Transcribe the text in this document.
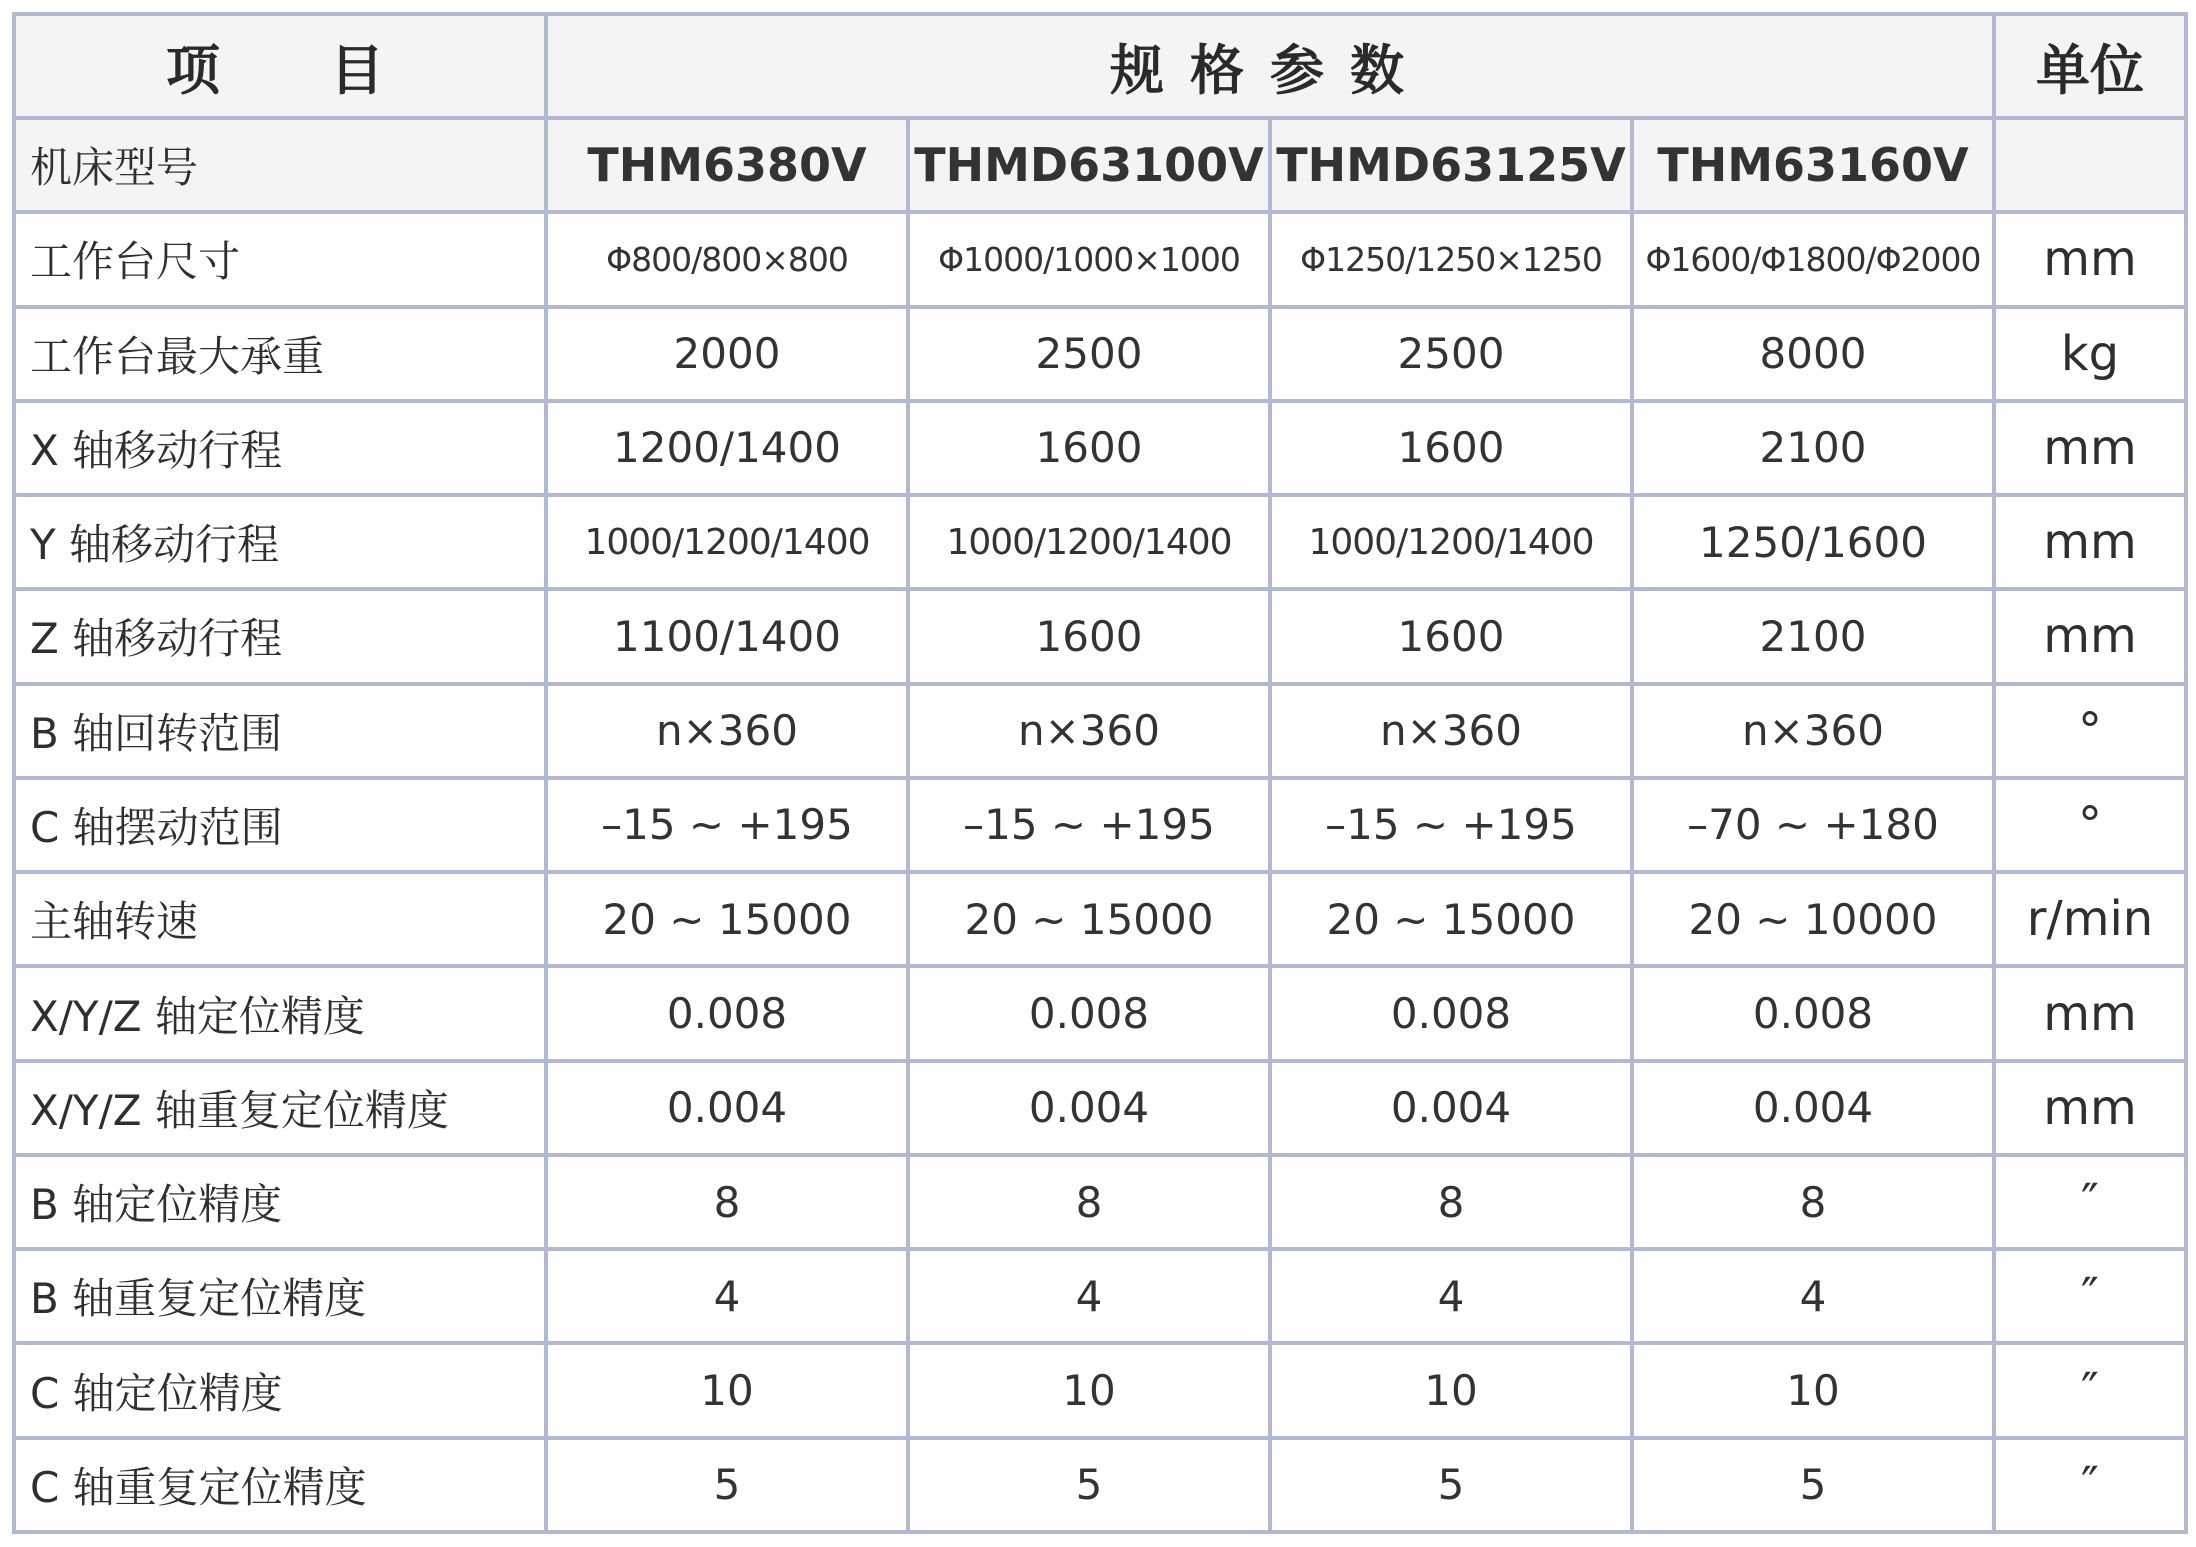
项目	规格参数				单位
机床型号	THM6380V	THMD63100V	THMD63125V	THM63160V	
工作台尺寸	Φ800/800×800	Φ1000/1000×1000	Φ1250/1250×1250	Φ1600/Φ1800/Φ2000	mm
工作台最大承重	2000	2500	2500	8000	kg
X 轴移动行程	1200/1400	1600	1600	2100	mm
Y 轴移动行程	1000/1200/1400	1000/1200/1400	1000/1200/1400	1250/1600	mm
Z 轴移动行程	1100/1400	1600	1600	2100	mm
B 轴回转范围	n×360	n×360	n×360	n×360	°
C 轴摆动范围	–15 ~ +195	–15 ~ +195	–15 ~ +195	–70 ~ +180	°
主轴转速	20 ~ 15000	20 ~ 15000	20 ~ 15000	20 ~ 10000	r/min
X/Y/Z 轴定位精度	0.008	0.008	0.008	0.008	mm
X/Y/Z 轴重复定位精度	0.004	0.004	0.004	0.004	mm
B 轴定位精度	8	8	8	8	″
B 轴重复定位精度	4	4	4	4	″
C 轴定位精度	10	10	10	10	″
C 轴重复定位精度	5	5	5	5	″
